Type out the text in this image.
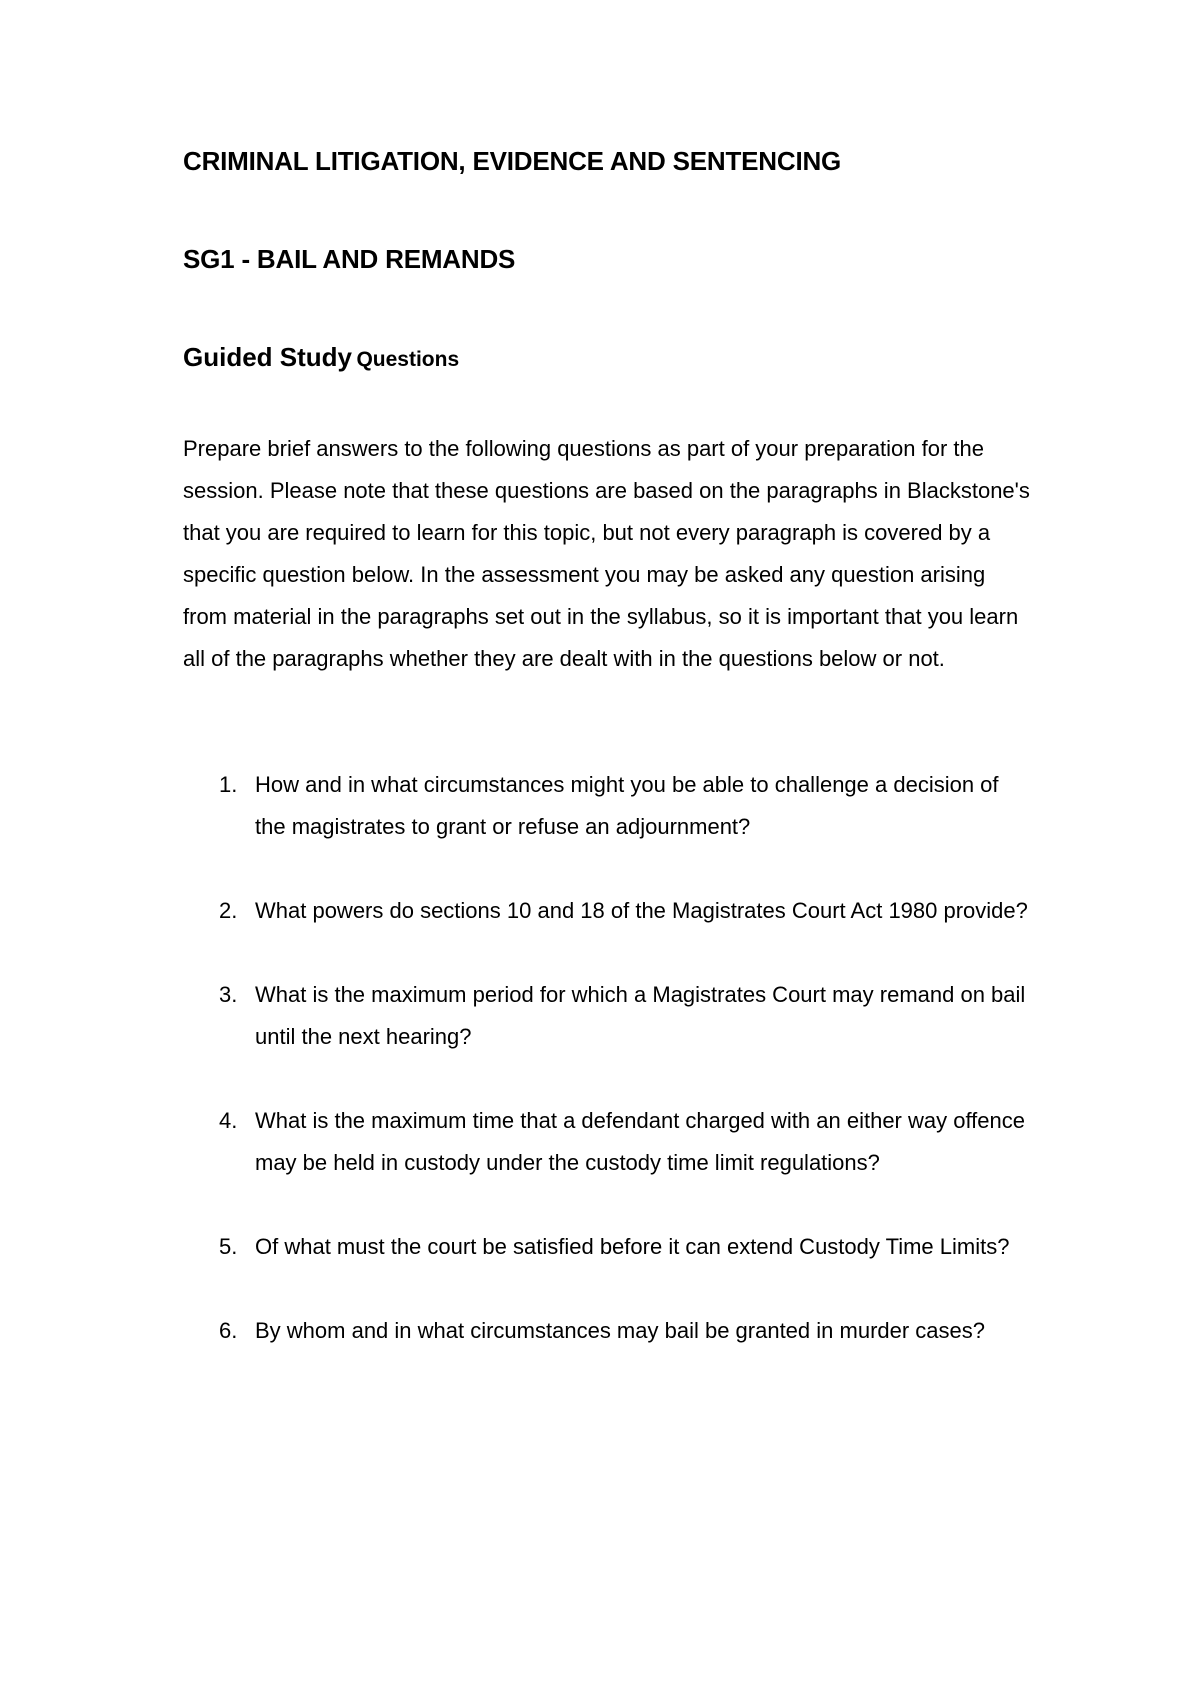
CRIMINAL LITIGATION, EVIDENCE AND SENTENCING
SG1 - BAIL AND REMANDS
Guided Study Questions

Prepare brief answers to the following questions as part of your preparation for the session. Please note that these questions are based on the paragraphs in Blackstone's that you are required to learn for this topic, but not every paragraph is covered by a specific question below. In the assessment you may be asked any question arising from material in the paragraphs set out in the syllabus, so it is important that you learn all of the paragraphs whether they are dealt with in the questions below or not.

1. How and in what circumstances might you be able to challenge a decision of the magistrates to grant or refuse an adjournment?
2. What powers do sections 10 and 18 of the Magistrates Court Act 1980 provide?
3. What is the maximum period for which a Magistrates Court may remand on bail until the next hearing?
4. What is the maximum time that a defendant charged with an either way offence may be held in custody under the custody time limit regulations?
5. Of what must the court be satisfied before it can extend Custody Time Limits?
6. By whom and in what circumstances may bail be granted in murder cases?
